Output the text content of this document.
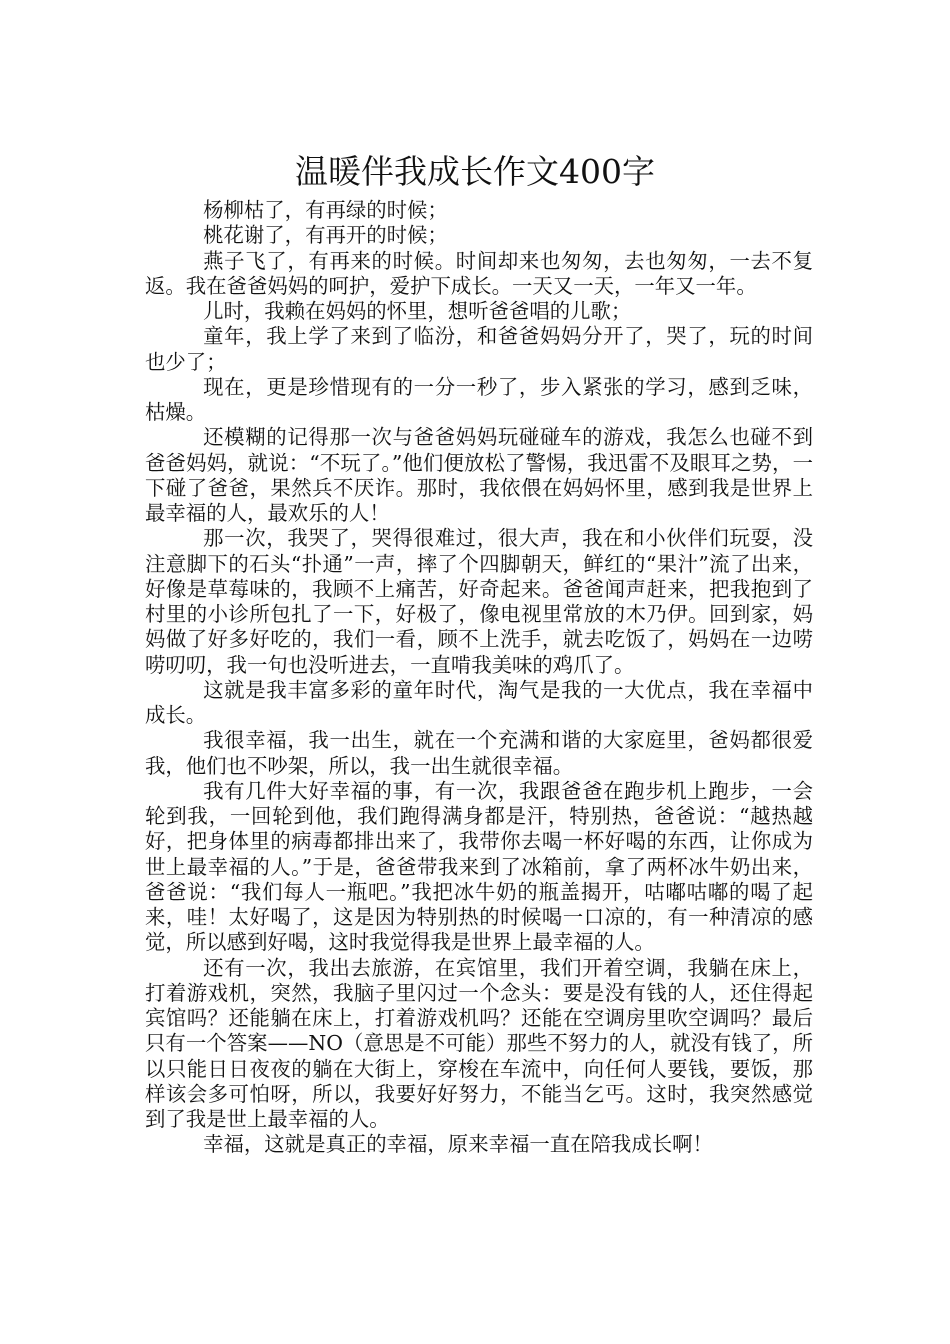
温暖伴我成长作文400字

杨柳枯了，有再绿的时候；

桃花谢了，有再开的时候；

燕子飞了，有再来的时候。时间却来也匆匆，去也匆匆，一去不复返。我在爸爸妈妈的呵护，爱护下成长。一天又一天，一年又一年。

儿时，我赖在妈妈的怀里，想听爸爸唱的儿歌；

童年，我上学了来到了临汾，和爸爸妈妈分开了，哭了，玩的时间也少了；

现在，更是珍惜现有的一分一秒了，步入紧张的学习，感到乏味，枯燥。

还模糊的记得那一次与爸爸妈妈玩碰碰车的游戏，我怎么也碰不到爸爸妈妈，就说：“不玩了。”他们便放松了警惕，我迅雷不及眼耳之势，一下碰了爸爸，果然兵不厌诈。那时，我依偎在妈妈怀里，感到我是世界上最幸福的人，最欢乐的人！

那一次，我哭了，哭得很难过，很大声，我在和小伙伴们玩耍，没注意脚下的石头“扑通”一声，摔了个四脚朝天，鲜红的“果汁”流了出来，好像是草莓味的，我顾不上痛苦，好奇起来。爸爸闻声赶来，把我抱到了村里的小诊所包扎了一下，好极了，像电视里常放的木乃伊。回到家，妈妈做了好多好吃的，我们一看，顾不上洗手，就去吃饭了，妈妈在一边唠唠叨叨，我一句也没听进去，一直啃我美味的鸡爪了。

这就是我丰富多彩的童年时代，淘气是我的一大优点，我在幸福中成长。

我很幸福，我一出生，就在一个充满和谐的大家庭里，爸妈都很爱我，他们也不吵架，所以，我一出生就很幸福。

我有几件大好幸福的事，有一次，我跟爸爸在跑步机上跑步，一会轮到我，一回轮到他，我们跑得满身都是汗，特别热，爸爸说：“越热越好，把身体里的病毒都排出来了，我带你去喝一杯好喝的东西，让你成为世上最幸福的人。”于是，爸爸带我来到了冰箱前，拿了两杯冰牛奶出来，爸爸说：“我们每人一瓶吧。”我把冰牛奶的瓶盖揭开，咕嘟咕嘟的喝了起来，哇！太好喝了，这是因为特别热的时候喝一口凉的，有一种清凉的感觉，所以感到好喝，这时我觉得我是世界上最幸福的人。

还有一次，我出去旅游，在宾馆里，我们开着空调，我躺在床上，打着游戏机，突然，我脑子里闪过一个念头：要是没有钱的人，还住得起宾馆吗？还能躺在床上，打着游戏机吗？还能在空调房里吹空调吗？最后只有一个答案——NO（意思是不可能）那些不努力的人，就没有钱了，所以只能日日夜夜的躺在大街上，穿梭在车流中，向任何人要钱，要饭，那样该会多可怕呀，所以，我要好好努力，不能当乞丐。这时，我突然感觉到了我是世上最幸福的人。

幸福，这就是真正的幸福，原来幸福一直在陪我成长啊！
